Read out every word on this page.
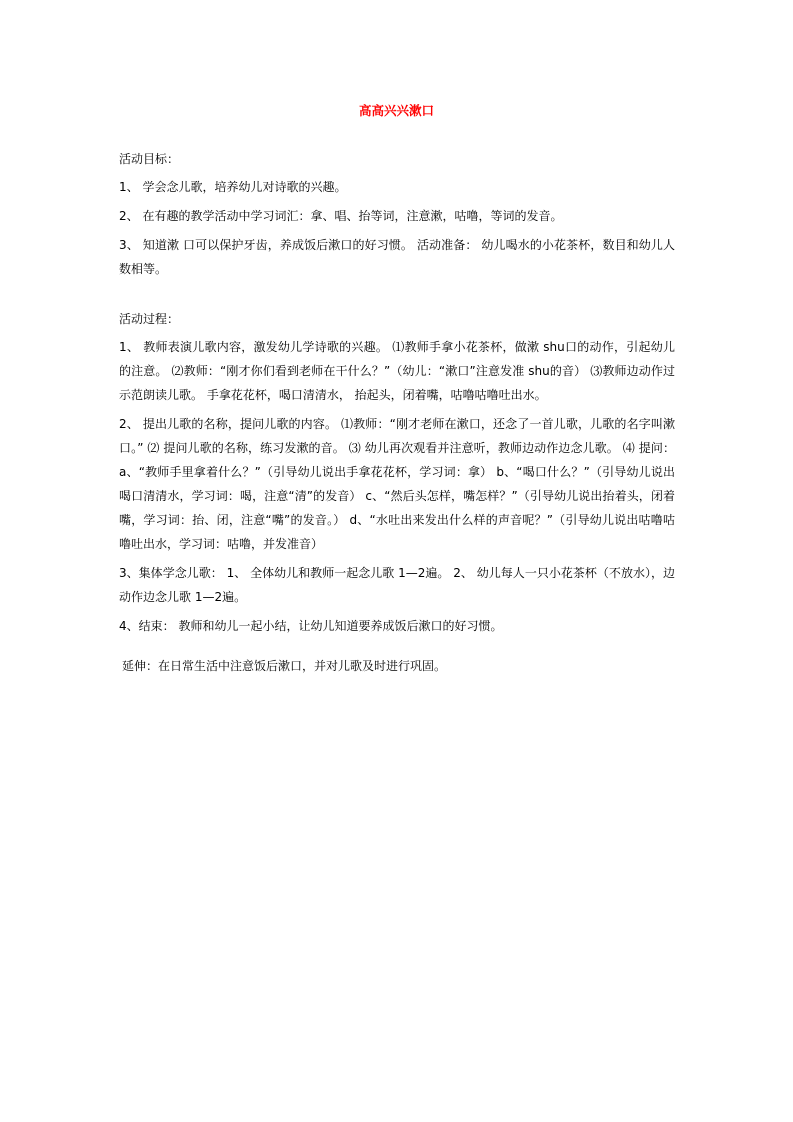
高高兴兴漱口

活动目标：

1、 学会念儿歌，培养幼儿对诗歌的兴趣。

2、 在有趣的教学活动中学习词汇：拿、唱、抬等词，注意漱，咕噜，等词的发音。

3、 知道漱 口可以保护牙齿，养成饭后漱口的好习惯。 活动准备： 幼儿喝水的小花茶杯，数目和幼儿人数相等。

活动过程：

1、 教师表演儿歌内容，激发幼儿学诗歌的兴趣。 ⑴教师手拿小花茶杯，做漱 shu口的动作，引起幼儿的注意。 ⑵教师：“刚才你们看到老师在干什么？”（幼儿：“漱口”注意发准 shu的音） ⑶教师边动作过示范朗读儿歌。 手拿花花杯，喝口清清水， 抬起头，闭着嘴，咕噜咕噜吐出水。

2、 提出儿歌的名称，提问儿歌的内容。 ⑴教师：“刚才老师在漱口，还念了一首儿歌，儿歌的名字叫漱口。” ⑵ 提问儿歌的名称，练习发漱的音。 ⑶ 幼儿再次观看并注意听，教师边动作边念儿歌。 ⑷ 提问： a、“教师手里拿着什么？”（引导幼儿说出手拿花花杯，学习词：拿） b、“喝口什么？”（引导幼儿说出喝口清清水，学习词：喝，注意“清”的发音） c、“然后头怎样，嘴怎样？”（引导幼儿说出抬着头，闭着嘴，学习词：抬、闭，注意“嘴”的发音。） d、“水吐出来发出什么样的声音呢？”（引导幼儿说出咕噜咕噜吐出水，学习词：咕噜，并发准音）

3、集体学念儿歌： 1、 全体幼儿和教师一起念儿歌 1—2遍。 2、 幼儿每人一只小花茶杯（不放水），边动作边念儿歌 1—2遍。

4、结束： 教师和幼儿一起小结，让幼儿知道要养成饭后漱口的好习惯。

延伸：在日常生活中注意饭后漱口，并对儿歌及时进行巩固。
